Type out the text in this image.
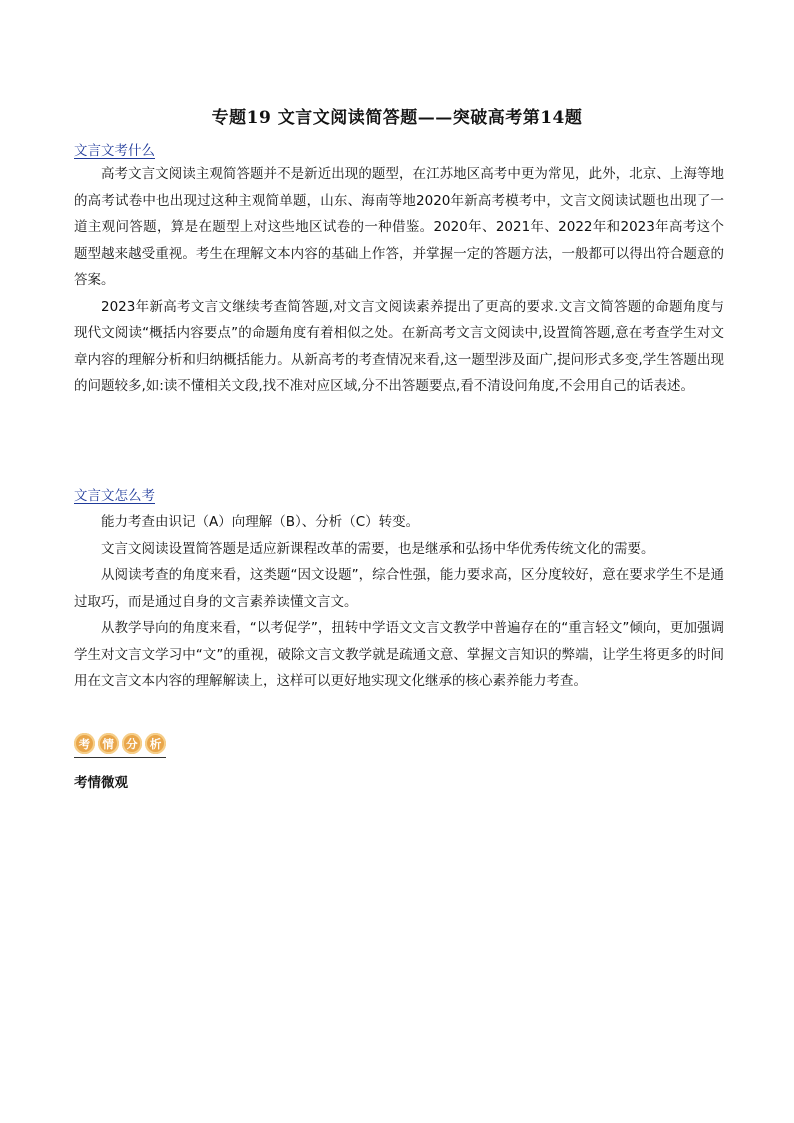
专题19 文言文阅读简答题——突破高考第14题
文言文考什么

高考文言文阅读主观简答题并不是新近出现的题型，在江苏地区高考中更为常见，此外，北京、上海等地的高考试卷中也出现过这种主观简单题，山东、海南等地2020年新高考模考中，文言文阅读试题也出现了一道主观问答题，算是在题型上对这些地区试卷的一种借鉴。2020年、2021年、2022年和2023年高考这个题型越来越受重视。考生在理解文本内容的基础上作答，并掌握一定的答题方法，一般都可以得出符合题意的答案。

2023年新高考文言文继续考查简答题,对文言文阅读素养提出了更高的要求.文言文简答题的命题角度与现代文阅读“概括内容要点”的命题角度有着相似之处。在新高考文言文阅读中,设置简答题,意在考查学生对文章内容的理解分析和归纳概括能力。从新高考的考查情况来看,这一题型涉及面广,提问形式多变,学生答题出现的问题较多,如:读不懂相关文段,找不准对应区域,分不出答题要点,看不清设问角度,不会用自己的话表述。

文言文怎么考

能力考查由识记（A）向理解（B）、分析（C）转变。

文言文阅读设置简答题是适应新课程改革的需要，也是继承和弘扬中华优秀传统文化的需要。

从阅读考查的角度来看，这类题“因文设题”，综合性强，能力要求高，区分度较好，意在要求学生不是通过取巧，而是通过自身的文言素养读懂文言文。

从教学导向的角度来看，“以考促学”，扭转中学语文文言文教学中普遍存在的“重言轻文”倾向，更加强调学生对文言文学习中“文”的重视，破除文言文教学就是疏通文意、掌握文言知识的弊端，让学生将更多的时间用在文言文本内容的理解解读上，这样可以更好地实现文化继承的核心素养能力考查。

考	情	分	析
考情微观
